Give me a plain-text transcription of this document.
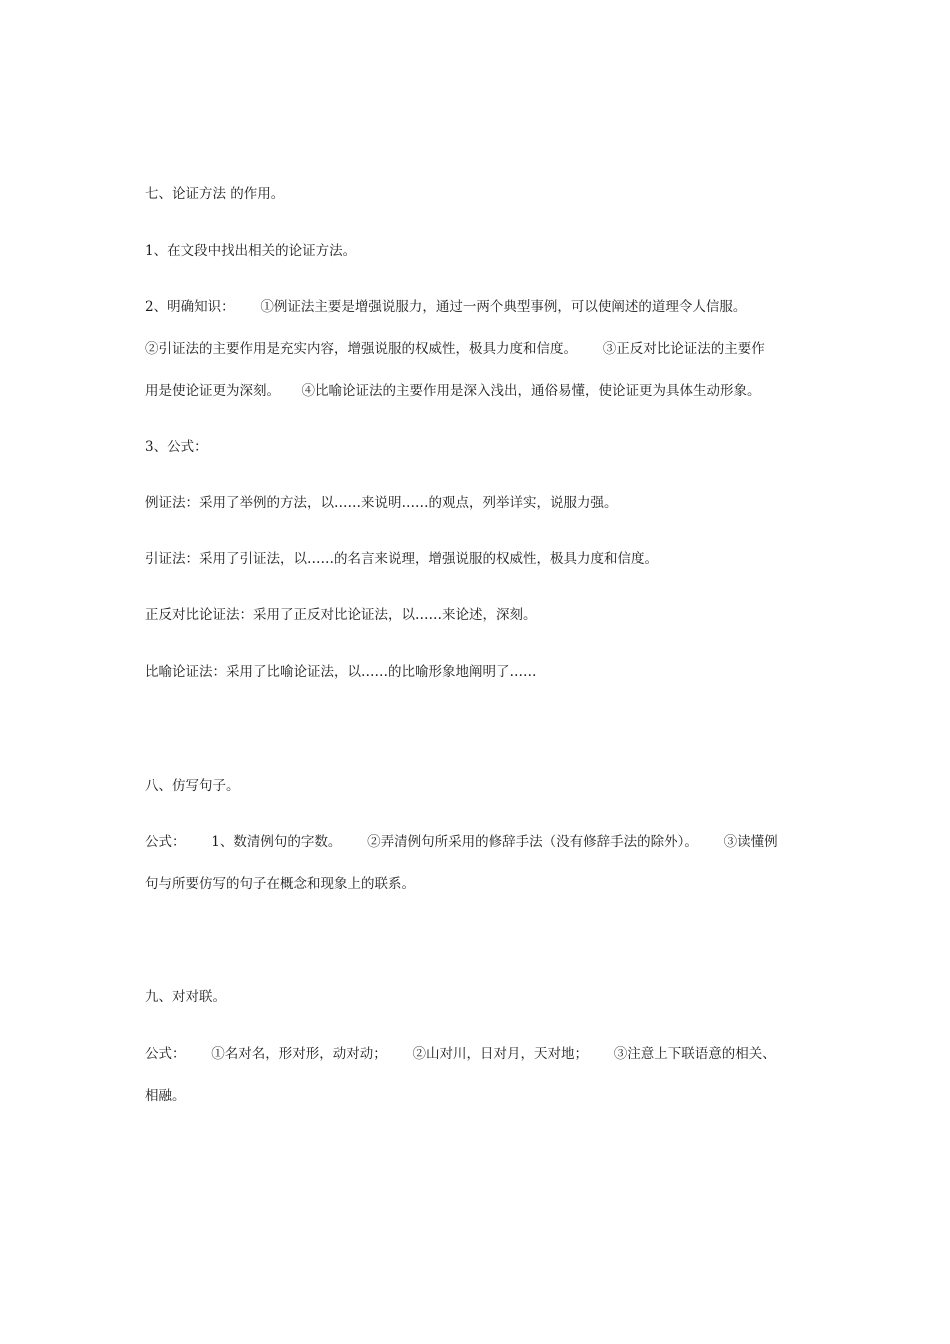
七、论证方法 的作用。

1、在文段中找出相关的论证方法。

2、明确知识：      ①例证法主要是增强说服力，通过一两个典型事例，可以使阐述的道理令人信服。

②引证法的主要作用是充实内容，增强说服的权威性，极具力度和信度。      ③正反对比论证法的主要作

用是使论证更为深刻。     ④比喻论证法的主要作用是深入浅出，通俗易懂，使论证更为具体生动形象。

3、公式：

例证法：采用了举例的方法，以……来说明……的观点，列举详实，说服力强。

引证法：采用了引证法，以……的名言来说理，增强说服的权威性，极具力度和信度。

正反对比论证法：采用了正反对比论证法，以……来论述，深刻。

比喻论证法：采用了比喻论证法，以……的比喻形象地阐明了……

八、仿写句子。

公式：      1、数清例句的字数。      ②弄清例句所采用的修辞手法（没有修辞手法的除外）。      ③读懂例

句与所要仿写的句子在概念和现象上的联系。

九、对对联。

公式：      ①名对名，形对形，动对动；      ②山对川，日对月，天对地；      ③注意上下联语意的相关、

相融。
